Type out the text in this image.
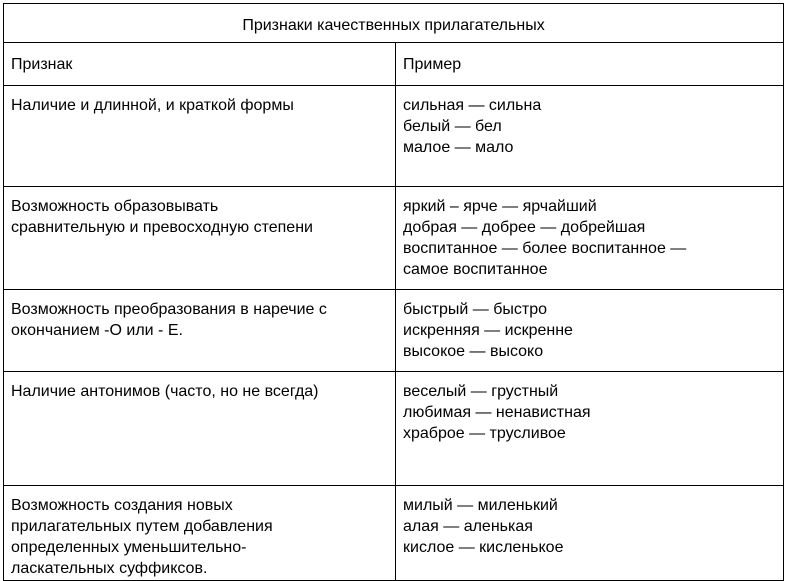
Признаки качественных прилагательных	
Признак	Пример

Наличие и длинной, и краткой формы	сильная — сильна
белый — бел
малое — мало

Возможность образовывать сравнительную и превосходную степени	яркий – ярче — ярчайший
добрая — добрее — добрейшая
воспитанное — более воспитанное —
самое воспитанное

Возможность преобразования в наречие с окончанием -О или - Е.	быстрый — быстро
искренняя — искренне
высокое — высоко

Наличие антонимов (часто, но не всегда)	веселый — грустный
любимая — ненавистная
храброе — трусливое

Возможность создания новых прилагательных путем добавления определенных уменьшительно-ласкательных суффиксов.	милый — миленький
алая — аленькая
кислое — кисленькое
